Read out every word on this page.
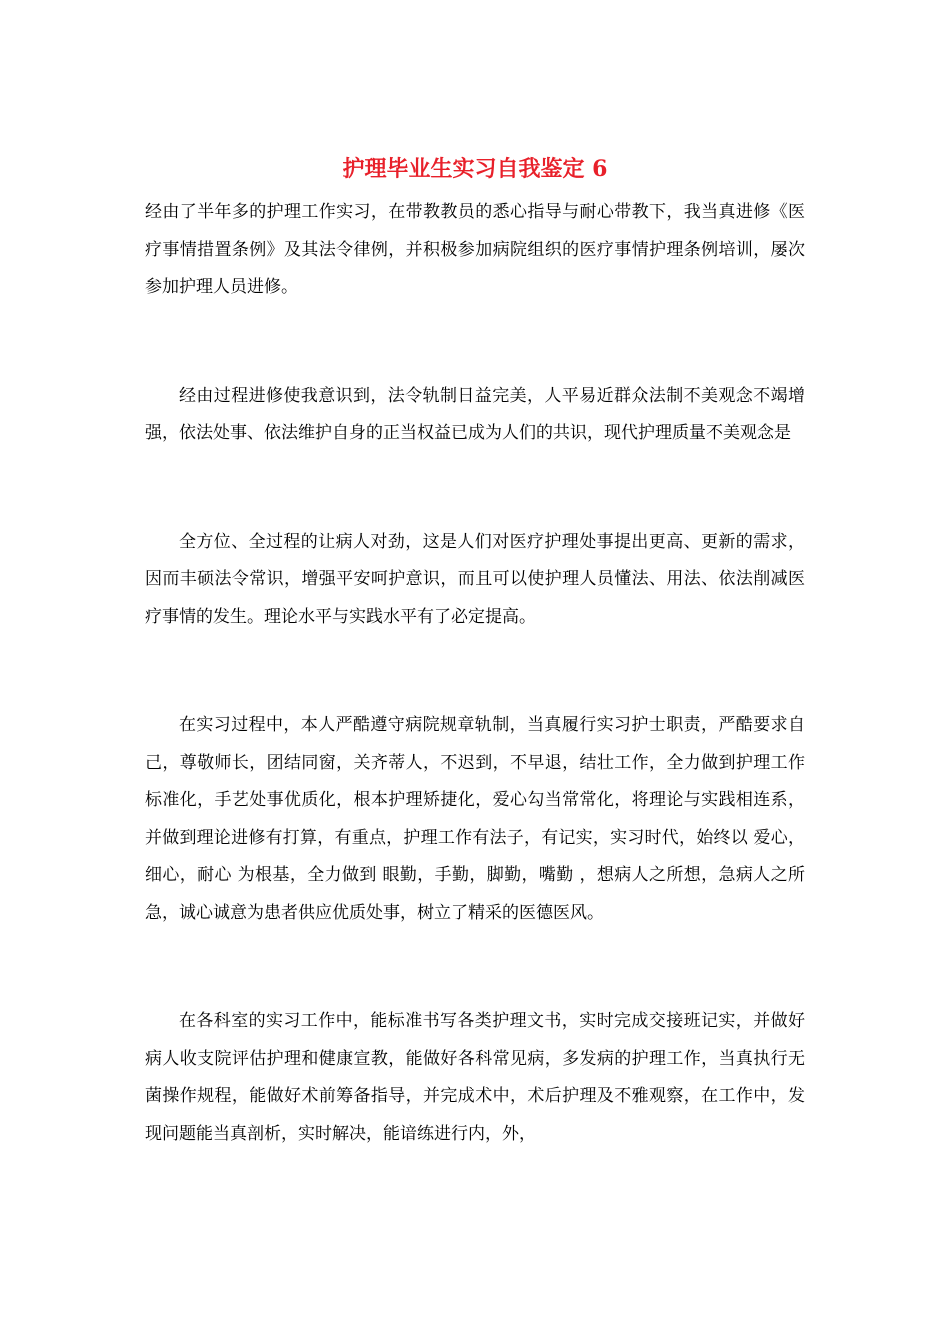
护理毕业生实习自我鉴定 6

经由了半年多的护理工作实习，在带教教员的悉心指导与耐心带教下，我当真进修《医疗事情措置条例》及其法令律例，并积极参加病院组织的医疗事情护理条例培训，屡次参加护理人员进修。

经由过程进修使我意识到，法令轨制日益完美，人平易近群众法制不美观念不竭增强，依法处事、依法维护自身的正当权益已成为人们的共识，现代护理质量不美观念是

全方位、全过程的让病人对劲，这是人们对医疗护理处事提出更高、更新的需求，因而丰硕法令常识，增强平安呵护意识，而且可以使护理人员懂法、用法、依法削减医疗事情的发生。理论水平与实践水平有了必定提高。

在实习过程中，本人严酷遵守病院规章轨制，当真履行实习护士职责，严酷要求自己，尊敬师长，团结同窗，关齐蒂人，不迟到，不早退，结壮工作，全力做到护理工作标准化，手艺处事优质化，根本护理矫捷化，爱心勾当常常化，将理论与实践相连系，并做到理论进修有打算，有重点，护理工作有法子，有记实，实习时代，始终以 爱心，细心，耐心 为根基，全力做到 眼勤，手勤，脚勤，嘴勤 ，想病人之所想，急病人之所急，诚心诚意为患者供应优质处事，树立了精采的医德医风。

在各科室的实习工作中，能标准书写各类护理文书，实时完成交接班记实，并做好病人收支院评估护理和健康宣教，能做好各科常见病，多发病的护理工作，当真执行无菌操作规程，能做好术前筹备指导，并完成术中，术后护理及不雅观察，在工作中，发现问题能当真剖析，实时解决，能谙练进行内，外，
